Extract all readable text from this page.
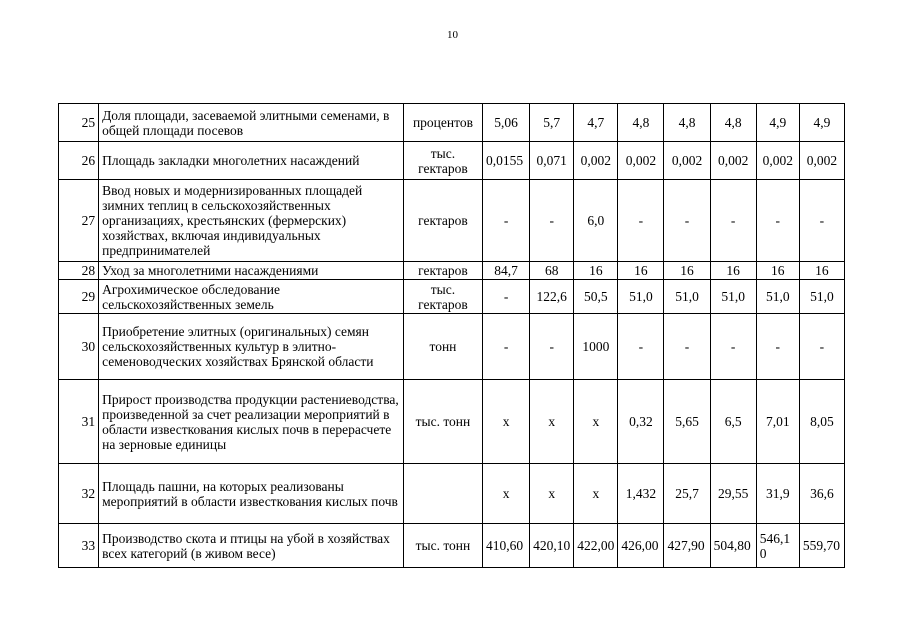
10
25	Доля площади, засеваемой элитными семенами, в общей площади посевов	процентов	5,06	5,7	4,7	4,8	4,8	4,8	4,9	4,9
26	Площадь закладки многолетних насаждений	тыс. гектаров	0,0155	0,071	0,002	0,002	0,002	0,002	0,002	0,002
27	Ввод новых и модернизированных площадей зимних теплиц в сельскохозяйственных организациях, крестьянских (фермерских) хозяйствах, включая индивидуальных предпринимателей	гектаров	-	-	6,0	-	-	-	-	-
28	Уход за многолетними насаждениями	гектаров	84,7	68	16	16	16	16	16	16
29	Агрохимическое обследование сельскохозяйственных земель	тыс. гектаров	-	122,6	50,5	51,0	51,0	51,0	51,0	51,0
30	Приобретение элитных (оригинальных) семян сельскохозяйственных культур в элитно-семеноводческих хозяйствах Брянской области	тонн	-	-	1000	-	-	-	-	-
31	Прирост производства продукции растениеводства, произведенной за счет реализации мероприятий в области известкования кислых почв в перерасчете на зерновые единицы	тыс. тонн	х	х	х	0,32	5,65	6,5	7,01	8,05
32	Площадь пашни, на которых реализованы мероприятий в области известкования кислых почв		х	х	х	1,432	25,7	29,55	31,9	36,6
33	Производство скота и птицы на убой в хозяйствах всех категорий (в живом весе)	тыс. тонн	410,60	420,10	422,00	426,00	427,90	504,80	546,10	559,70
